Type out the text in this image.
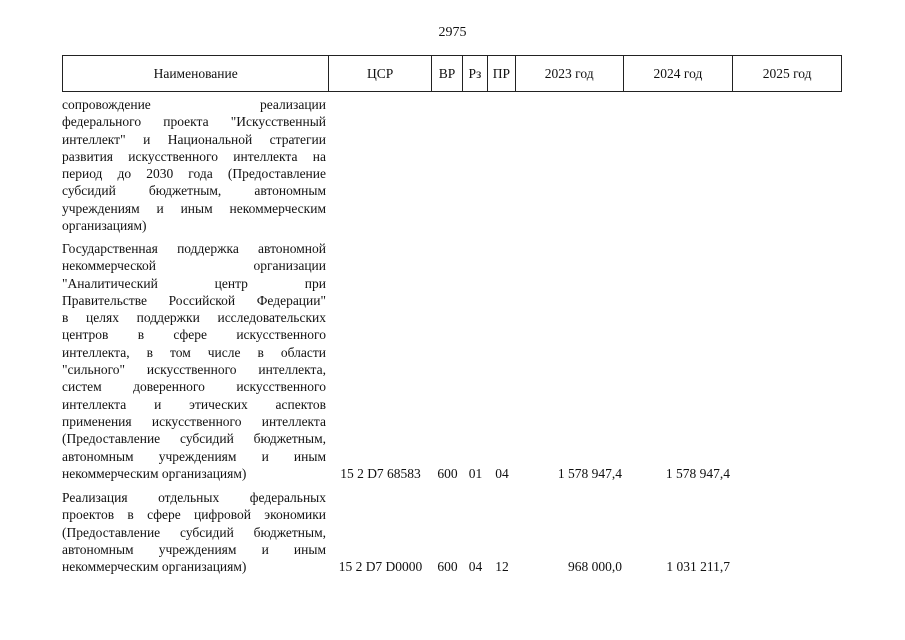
2975
Наименование	ЦСР	ВР Рз ПР	2023 год	2024 год	2025 год
сопровождение реализации
федерального проекта "Искусственный
интеллект" и Национальной стратегии
развития искусственного интеллекта на
период до 2030 года (Предоставление
субсидий бюджетным, автономным
учреждениям и иным некоммерческим
организациям)
Государственная поддержка автономной
некоммерческой организации
"Аналитический центр при
Правительстве Российской Федерации"
в целях поддержки исследовательских
центров в сфере искусственного
интеллекта, в том числе в области
"сильного" искусственного интеллекта,
систем доверенного искусственного
интеллекта и этических аспектов
применения искусственного интеллекта
(Предоставление субсидий бюджетным,
автономным учреждениям и иным
некоммерческим организациям)	15 2 D7 68583	600 01 04	1 578 947,4	1 578 947,4
Реализация отдельных федеральных
проектов в сфере цифровой экономики
(Предоставление субсидий бюджетным,
автономным учреждениям и иным
некоммерческим организациям)	15 2 D7 D0000	600 04 12	968 000,0	1 031 211,7
